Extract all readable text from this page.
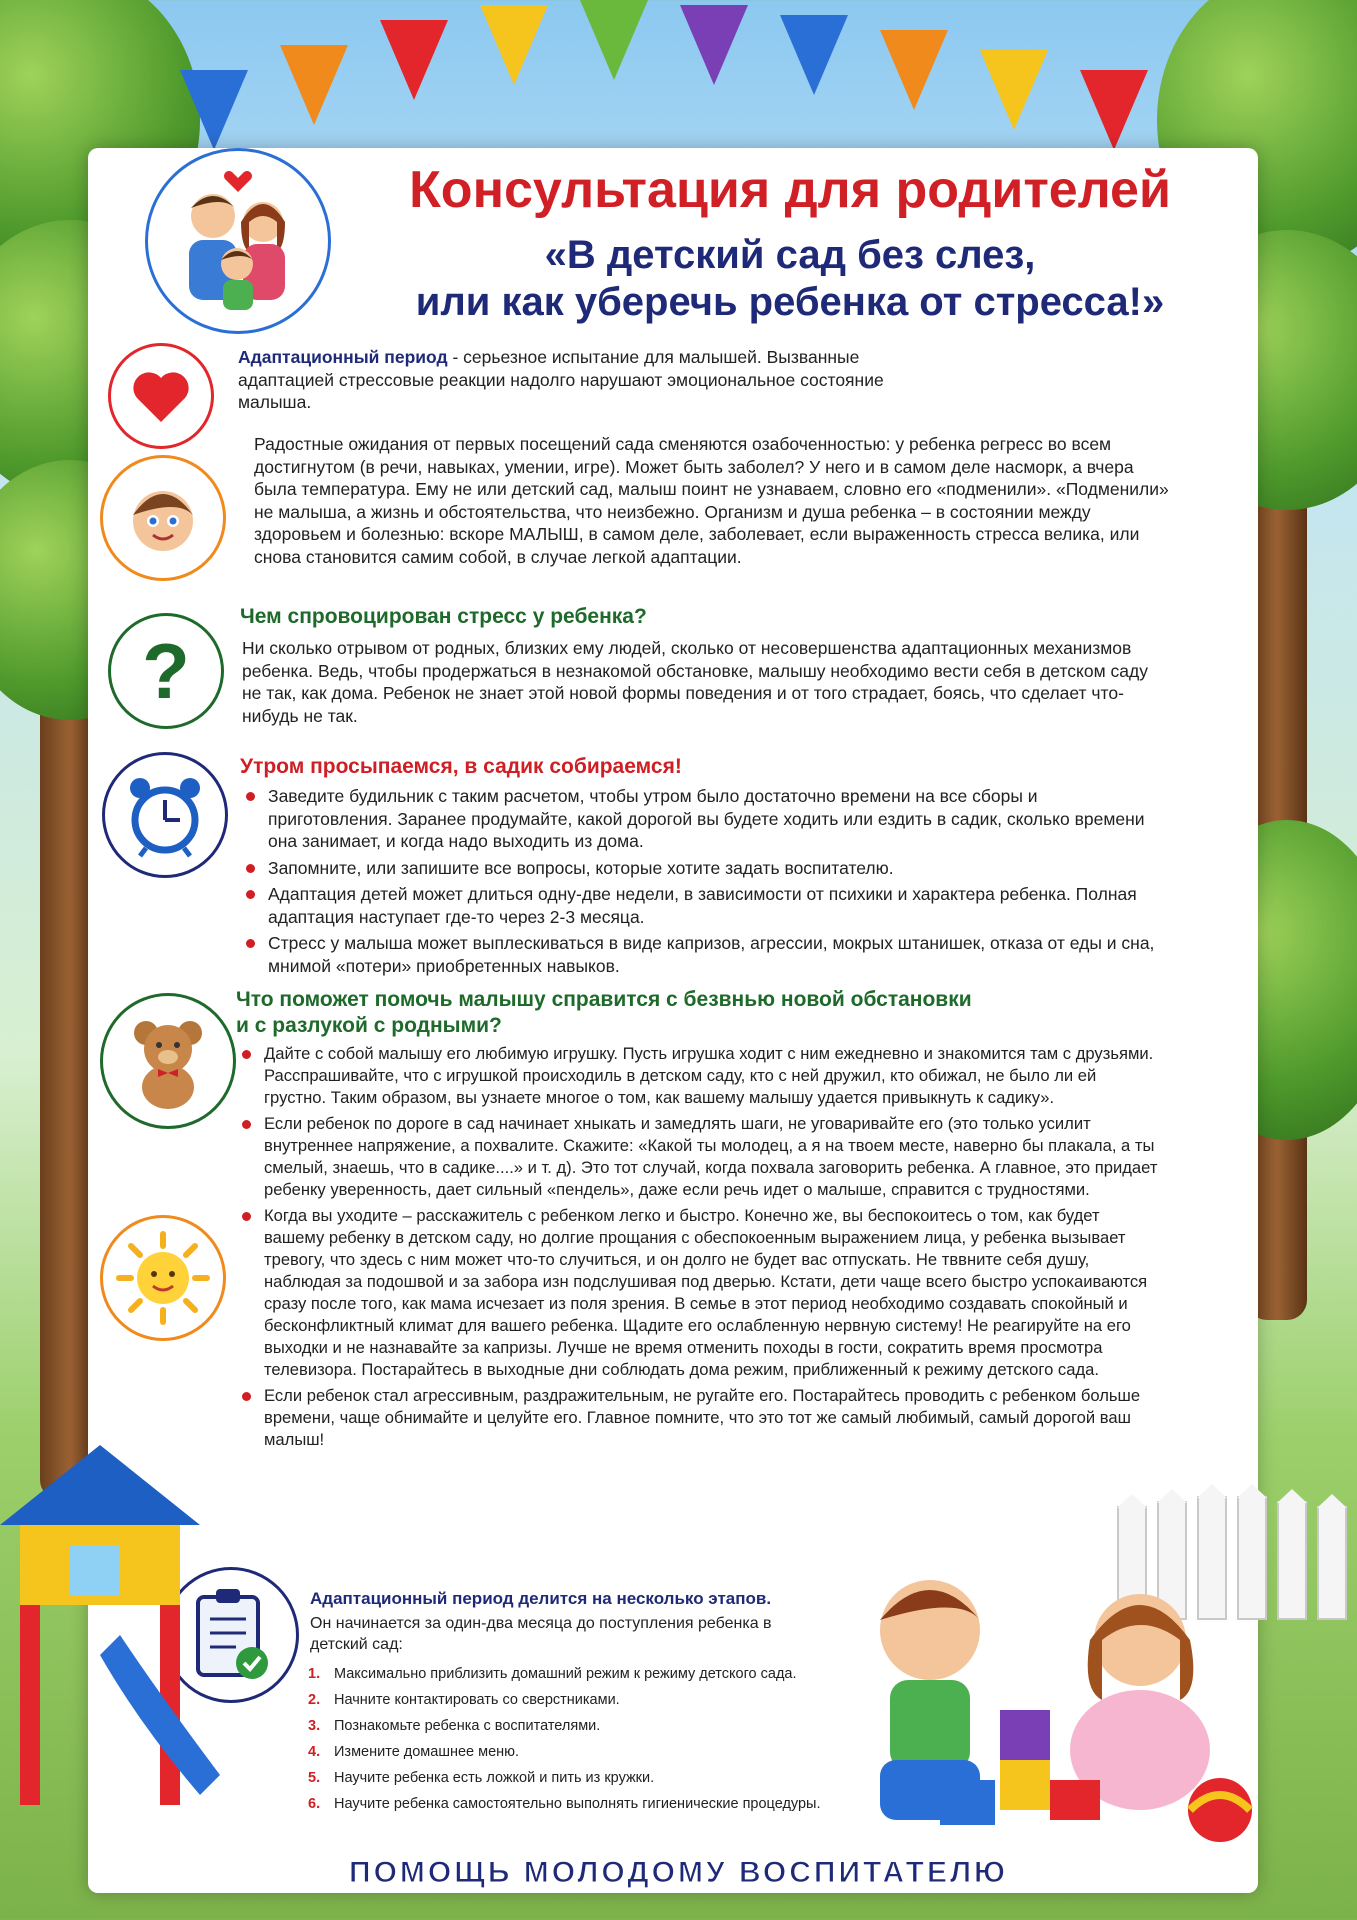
Консультация для родителей
«В детский сад без слез,
или как уберечь ребенка от стресса!»
Адаптационный период - серьезное испытание для малышей. Вызванные адаптацией стрессовые реакции надолго нарушают эмоциональное состояние малыша.
Радостные ожидания от первых посещений сада сменяются озабоченностью: у ребенка регресс во всем достигнутом (в речи, навыках, умении, игре). Может быть заболел? У него и в самом деле насморк, а вчера была температура. Ему не или детский сад, малыш поинт не узнаваем, словно его «подменили». «Подменили» не малыша, а жизнь и обстоятельства, что неизбежно. Организм и душа ребенка – в состоянии между здоровьем и болезнью: вскоре МАЛЫШ, в самом деле, заболевает, если выраженность стресса велика, или снова становится самим собой, в случае легкой адаптации.
?
Чем спровоцирован стресс у ребенка?
Ни сколько отрывом от родных, близких ему людей, сколько от несовершенства адаптационных механизмов ребенка. Ведь, чтобы продержаться в незнакомой обстановке, малышу необходимо вести себя в детском саду не так, как дома. Ребенок не знает этой новой формы поведения и от того страдает, боясь, что сделает что-нибудь не так.
Утром просыпаемся, в садик собираемся!
Заведите будильник с таким расчетом, чтобы утром было достаточно времени на все сборы и приготовления. Заранее продумайте, какой дорогой вы будете ходить или ездить в садик, сколько времени она занимает, и когда надо выходить из дома.
Запомните, или запишите все вопросы, которые хотите задать воспитателю.
Адаптация детей может длиться одну-две недели, в зависимости от психики и характера ребенка. Полная адаптация наступает где-то через 2-3 месяца.
Стресс у малыша может выплескиваться в виде капризов, агрессии, мокрых штанишек, отказа от еды и сна, мнимой «потери» приобретенных навыков.
Что поможет помочь малышу справится с безвнью новой обстановки
и с разлукой с родными?
Дайте с собой малышу его любимую игрушку. Пусть игрушка ходит с ним ежедневно и знакомится там с друзьями. Расспрашивайте, что с игрушкой происходиль в детском саду, кто с ней дружил, кто обижал, не было ли ей грустно. Таким образом, вы узнаете многое о том, как вашему малышу удается привыкнуть к садику».
Если ребенок по дороге в сад начинает хныкать и замедлять шаги, не уговаривайте его (это только усилит внутреннее напряжение, а похвалите. Скажите: «Какой ты молодец, а я на твоем месте, наверно бы плакала, а ты смелый, знаешь, что в садике....» и т. д). Это тот случай, когда похвала заговорить ребенка. А главное, это придает ребенку уверенность, дает сильный «пендель», даже если речь идет о малыше, справится с трудностями.
Когда вы уходите – расскажитель с ребенком легко и быстро. Конечно же, вы беспокоитесь о том, как будет вашему ребенку в детском саду, но долгие прощания с обеспокоенным выражением лица, у ребенка вызывает тревогу, что здесь с ним может что-то случиться, и он долго не будет вас отпускать. Не тввните себя душу, наблюдая за подошвой и за забора изн подслушивая под дверью. Кстати, дети чаще всего быстро успокаиваются сразу после того, как мама исчезает из поля зрения. В семье в этот период необходимо создавать спокойный и бесконфликтный климат для вашего ребенка. Щадите его ослабленную нервную систему! Не реагируйте на его выходки и не назнавайте за капризы. Лучше не время отменить походы в гости, сократить время просмотра телевизора. Постарайтесь в выходные дни соблюдать дома режим, приближенный к режиму детского сада.
Если ребенок стал агрессивным, раздражительным, не ругайте его. Постарайтесь проводить с ребенком больше времени, чаще обнимайте и целуйте его. Главное помните, что это тот же самый любимый, самый дорогой ваш малыш!
Адаптационный период делится на несколько этапов.
Он начинается за один-два месяца до поступления ребенка в детский сад:
1. Максимально приблизить домашний режим к режиму детского сада.
2. Начните контактировать со сверстниками.
3. Познакомьте ребенка с воспитателями.
4. Измените домашнее меню.
5. Научите ребенка есть ложкой и пить из кружки.
6. Научите ребенка самостоятельно выполнять гигиенические процедуры.
ПОМОЩЬ МОЛОДОМУ ВОСПИТАТЕЛЮ
